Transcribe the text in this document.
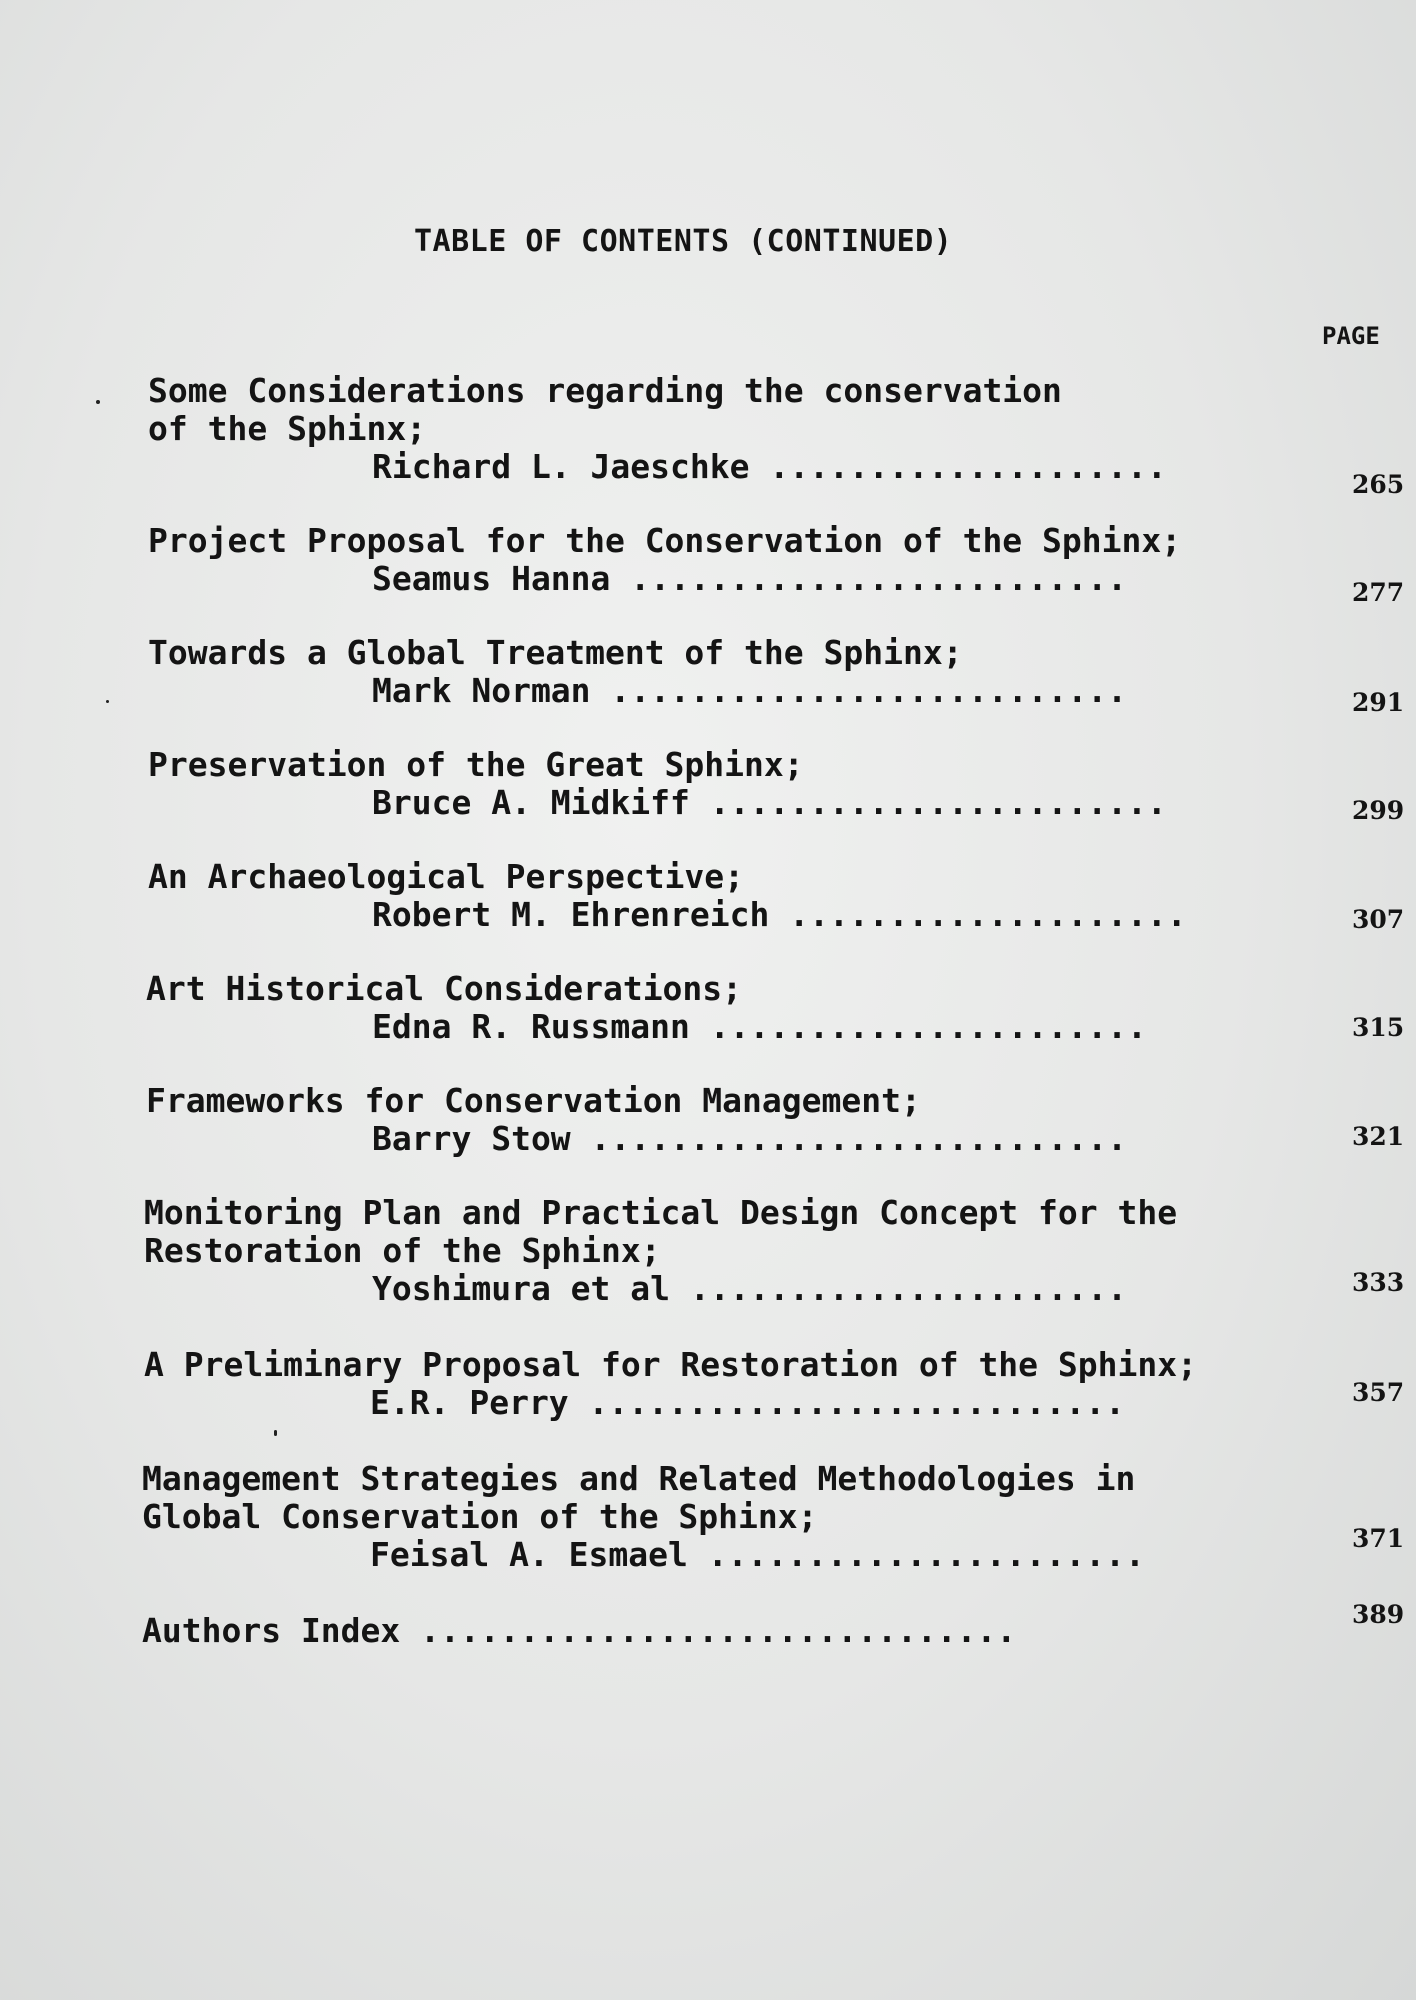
TABLE OF CONTENTS (CONTINUED)
PAGE
Some Considerations regarding the conservation
of the Sphinx;
Richard L. Jaeschke ....................	265
Project Proposal for the Conservation of the Sphinx;
Seamus Hanna .........................	277
Towards a Global Treatment of the Sphinx;
Mark Norman ..........................	291
Preservation of the Great Sphinx;
Bruce A. Midkiff .......................	299
An Archaeological Perspective;
Robert M. Ehrenreich ....................	307
Art Historical Considerations;
Edna R. Russmann ......................	315
Frameworks for Conservation Management;
Barry Stow ...........................	321
Monitoring Plan and Practical Design Concept for the
Restoration of the Sphinx;
Yoshimura et al ......................	333
A Preliminary Proposal for Restoration of the Sphinx;
E.R. Perry ...........................	357
Management Strategies and Related Methodologies in
Global Conservation of the Sphinx;
Feisal A. Esmael ......................	371
Authors Index ..............................	389
